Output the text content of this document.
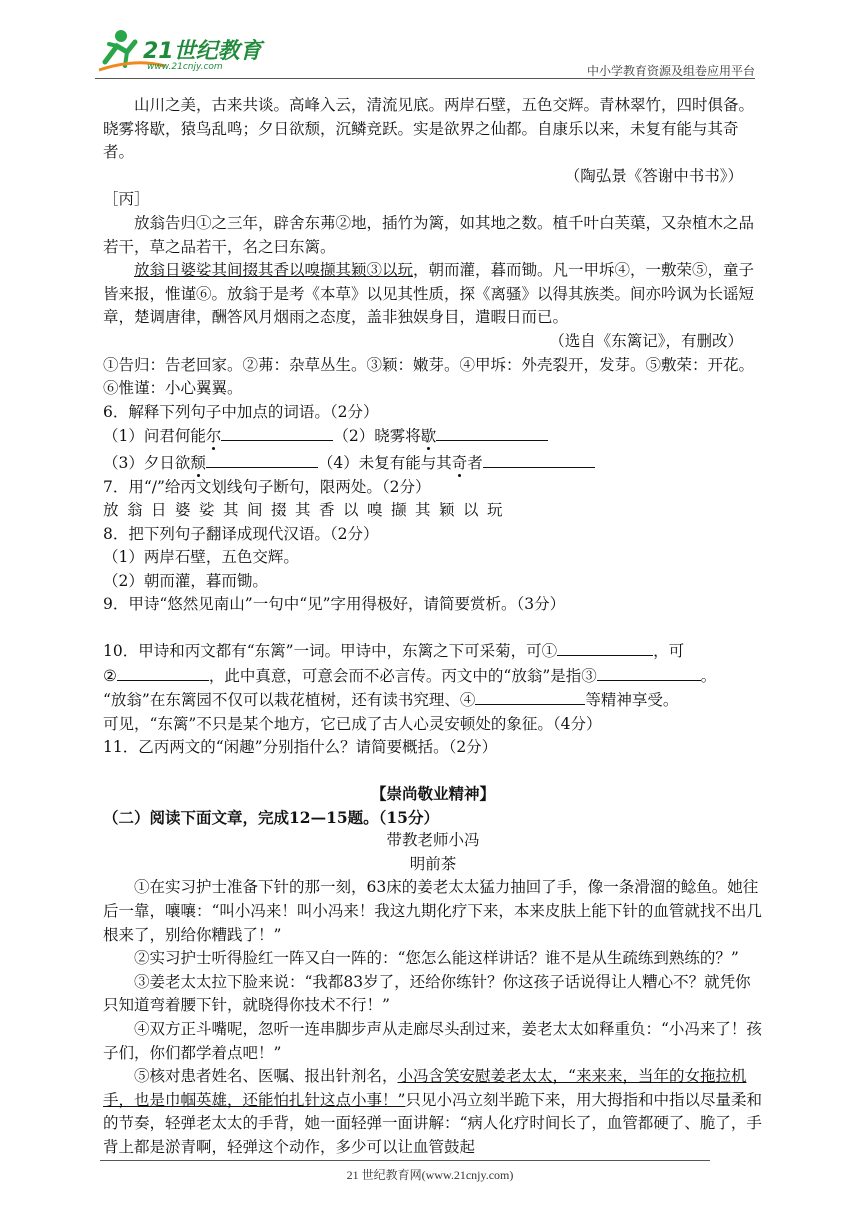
21世纪教育
www.21cnjy.com	中小学教育资源及组卷应用平台

山川之美，古来共谈。高峰入云，清流见底。两岸石壁，五色交辉。青林翠竹，四时俱备。晓雾将歇，猿鸟乱鸣；夕日欲颓，沉鳞竞跃。实是欲界之仙都。自康乐以来，未复有能与其奇者。

（陶弘景《答谢中书书》）

［丙］

放翁告归①之三年，辟舍东茀②地，插竹为篱，如其地之数。植千叶白芙蕖，又杂植木之品若干，草之品若干，名之曰东篱。

放翁日婆娑其间掇其香以嗅撷其颖③以玩，朝而灌，暮而锄。凡一甲坼④，一敷荣⑤，童子皆来报，惟谨⑥。放翁于是考《本草》以见其性质，探《离骚》以得其族类。间亦吟讽为长谣短章，楚调唐律，酬答风月烟雨之态度，盖非独娱身目，遣暇日而已。

（选自《东篱记》，有删改）

①告归：告老回家。②茀：杂草丛生。③颖：嫩芽。④甲坼：外壳裂开，发芽。⑤敷荣：开花。⑥惟谨：小心翼翼。

6．解释下列句子中加点的词语。（2分）

（1）问君何能尔	（2）晓雾将歇

（3）夕日欲颓	（4）未复有能与其奇者

7．用“/”给丙文划线句子断句，限两处。（2分）

放翁日婆娑其间掇其香以嗅撷其颖以玩

8．把下列句子翻译成现代汉语。（2分）

（1）两岸石壁，五色交辉。

（2）朝而灌，暮而锄。

9．甲诗“悠然见南山”一句中“见”字用得极好，请简要赏析。（3分）

10．甲诗和丙文都有“东篱”一词。甲诗中，东篱之下可采菊，可①	，可

②	，此中真意，可意会而不必言传。丙文中的“放翁”是指③	。

“放翁”在东篱园不仅可以栽花植树，还有读书究理、④	等精神享受。

可见，“东篱”不只是某个地方，它已成了古人心灵安顿处的象征。（4分）

11．乙丙两文的“闲趣”分别指什么？请简要概括。（2分）

【崇尚敬业精神】

（二）阅读下面文章，完成12—15题。（15分）

带教老师小冯

明前茶

①在实习护士准备下针的那一刻，63床的姜老太太猛力抽回了手，像一条滑溜的鲶鱼。她往后一靠，嚷嚷：“叫小冯来！叫小冯来！我这九期化疗下来，本来皮肤上能下针的血管就找不出几根来了，别给你糟践了！”

②实习护士听得脸红一阵又白一阵的：“您怎么能这样讲话？谁不是从生疏练到熟练的？”

③姜老太太拉下脸来说：“我都83岁了，还给你练针？你这孩子话说得让人糟心不？就凭你只知道弯着腰下针，就晓得你技术不行！”

④双方正斗嘴呢，忽听一连串脚步声从走廊尽头刮过来，姜老太太如释重负：“小冯来了！孩子们，你们都学着点吧！”

⑤核对患者姓名、医嘱、报出针剂名，小冯含笑安慰姜老太太，“来来来，当年的女拖拉机手，也是巾帼英雄，还能怕扎针这点小事！”只见小冯立刻半跪下来，用大拇指和中指以尽量柔和的节奏，轻弹老太太的手背，她一面轻弹一面讲解：“病人化疗时间长了，血管都硬了、脆了，手背上都是淤青啊，轻弹这个动作，多少可以让血管鼓起

21 世纪教育网(www.21cnjy.com)
